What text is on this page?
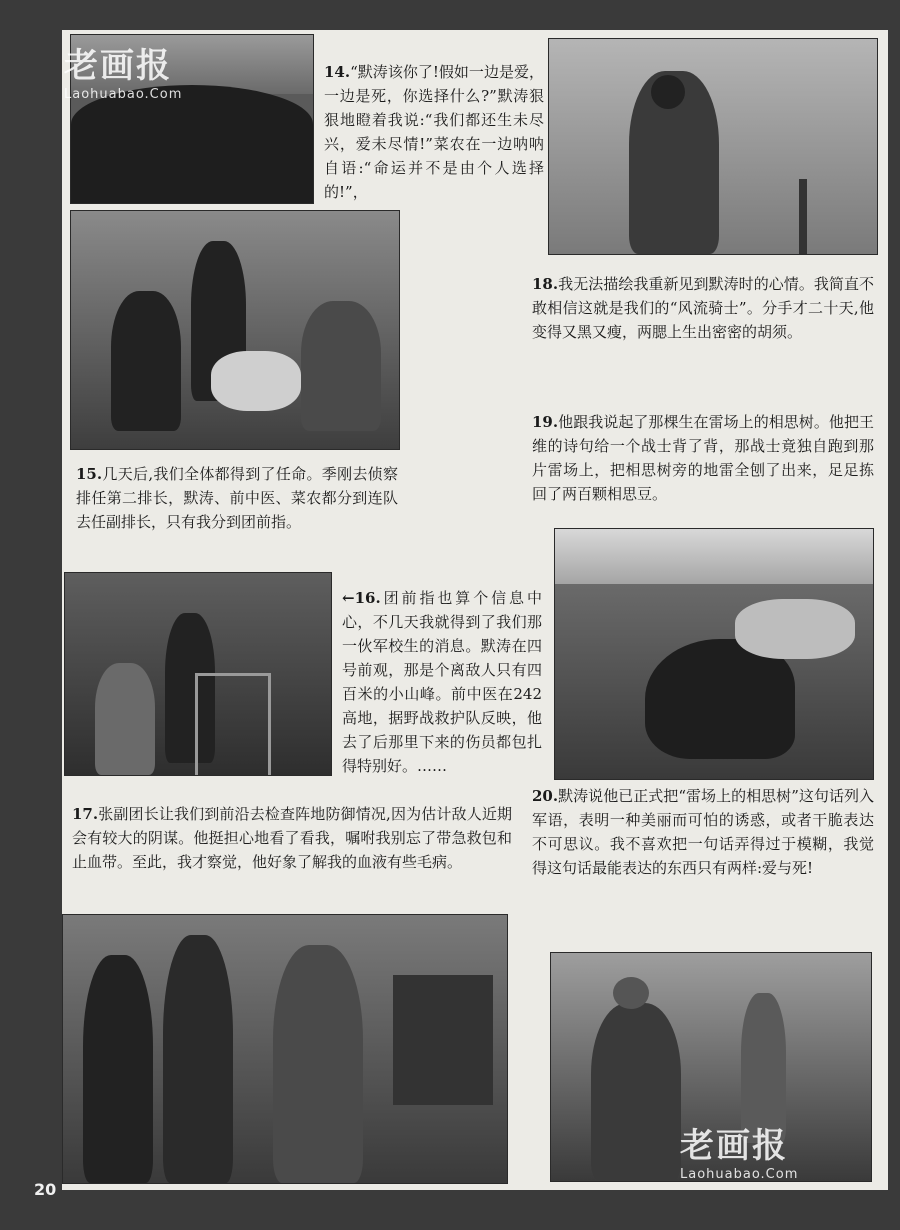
14.“默涛该你了!假如一边是爱，一边是死，你选择什么?”默涛狠狠地瞪着我说:“我们都还生未尽兴，爱未尽情!”菜农在一边呐呐自语:“命运并不是由个人选择的!”，
18.我无法描绘我重新见到默涛时的心情。我简直不敢相信这就是我们的“风流骑士”。分手才二十天,他变得又黑又瘦，两腮上生出密密的胡须。
19.他跟我说起了那棵生在雷场上的相思树。他把王维的诗句给一个战士背了背，那战士竟独自跑到那片雷场上，把相思树旁的地雷全刨了出来，足足拣回了两百颗相思豆。
15.几天后,我们全体都得到了任命。季刚去侦察排任第二排长，默涛、前中医、菜农都分到连队去任副排长，只有我分到团前指。
←16.团前指也算个信息中心，不几天我就得到了我们那一伙军校生的消息。默涛在四号前观，那是个离敌人只有四百米的小山峰。前中医在242高地，据野战救护队反映，他去了后那里下来的伤员都包扎得特别好。……
20.默涛说他已正式把“雷场上的相思树”这句话列入军语，表明一种美丽而可怕的诱惑，或者干脆表达不可思议。我不喜欢把一句话弄得过于模糊，我觉得这句话最能表达的东西只有两样:爱与死!
17.张副团长让我们到前沿去检查阵地防御情况,因为估计敌人近期会有较大的阴谋。他挺担心地看了看我，嘱咐我别忘了带急救包和止血带。至此，我才察觉，他好象了解我的血液有些毛病。
老画报
Laohuabao.Com
老画报
Laohuabao.Com
20
